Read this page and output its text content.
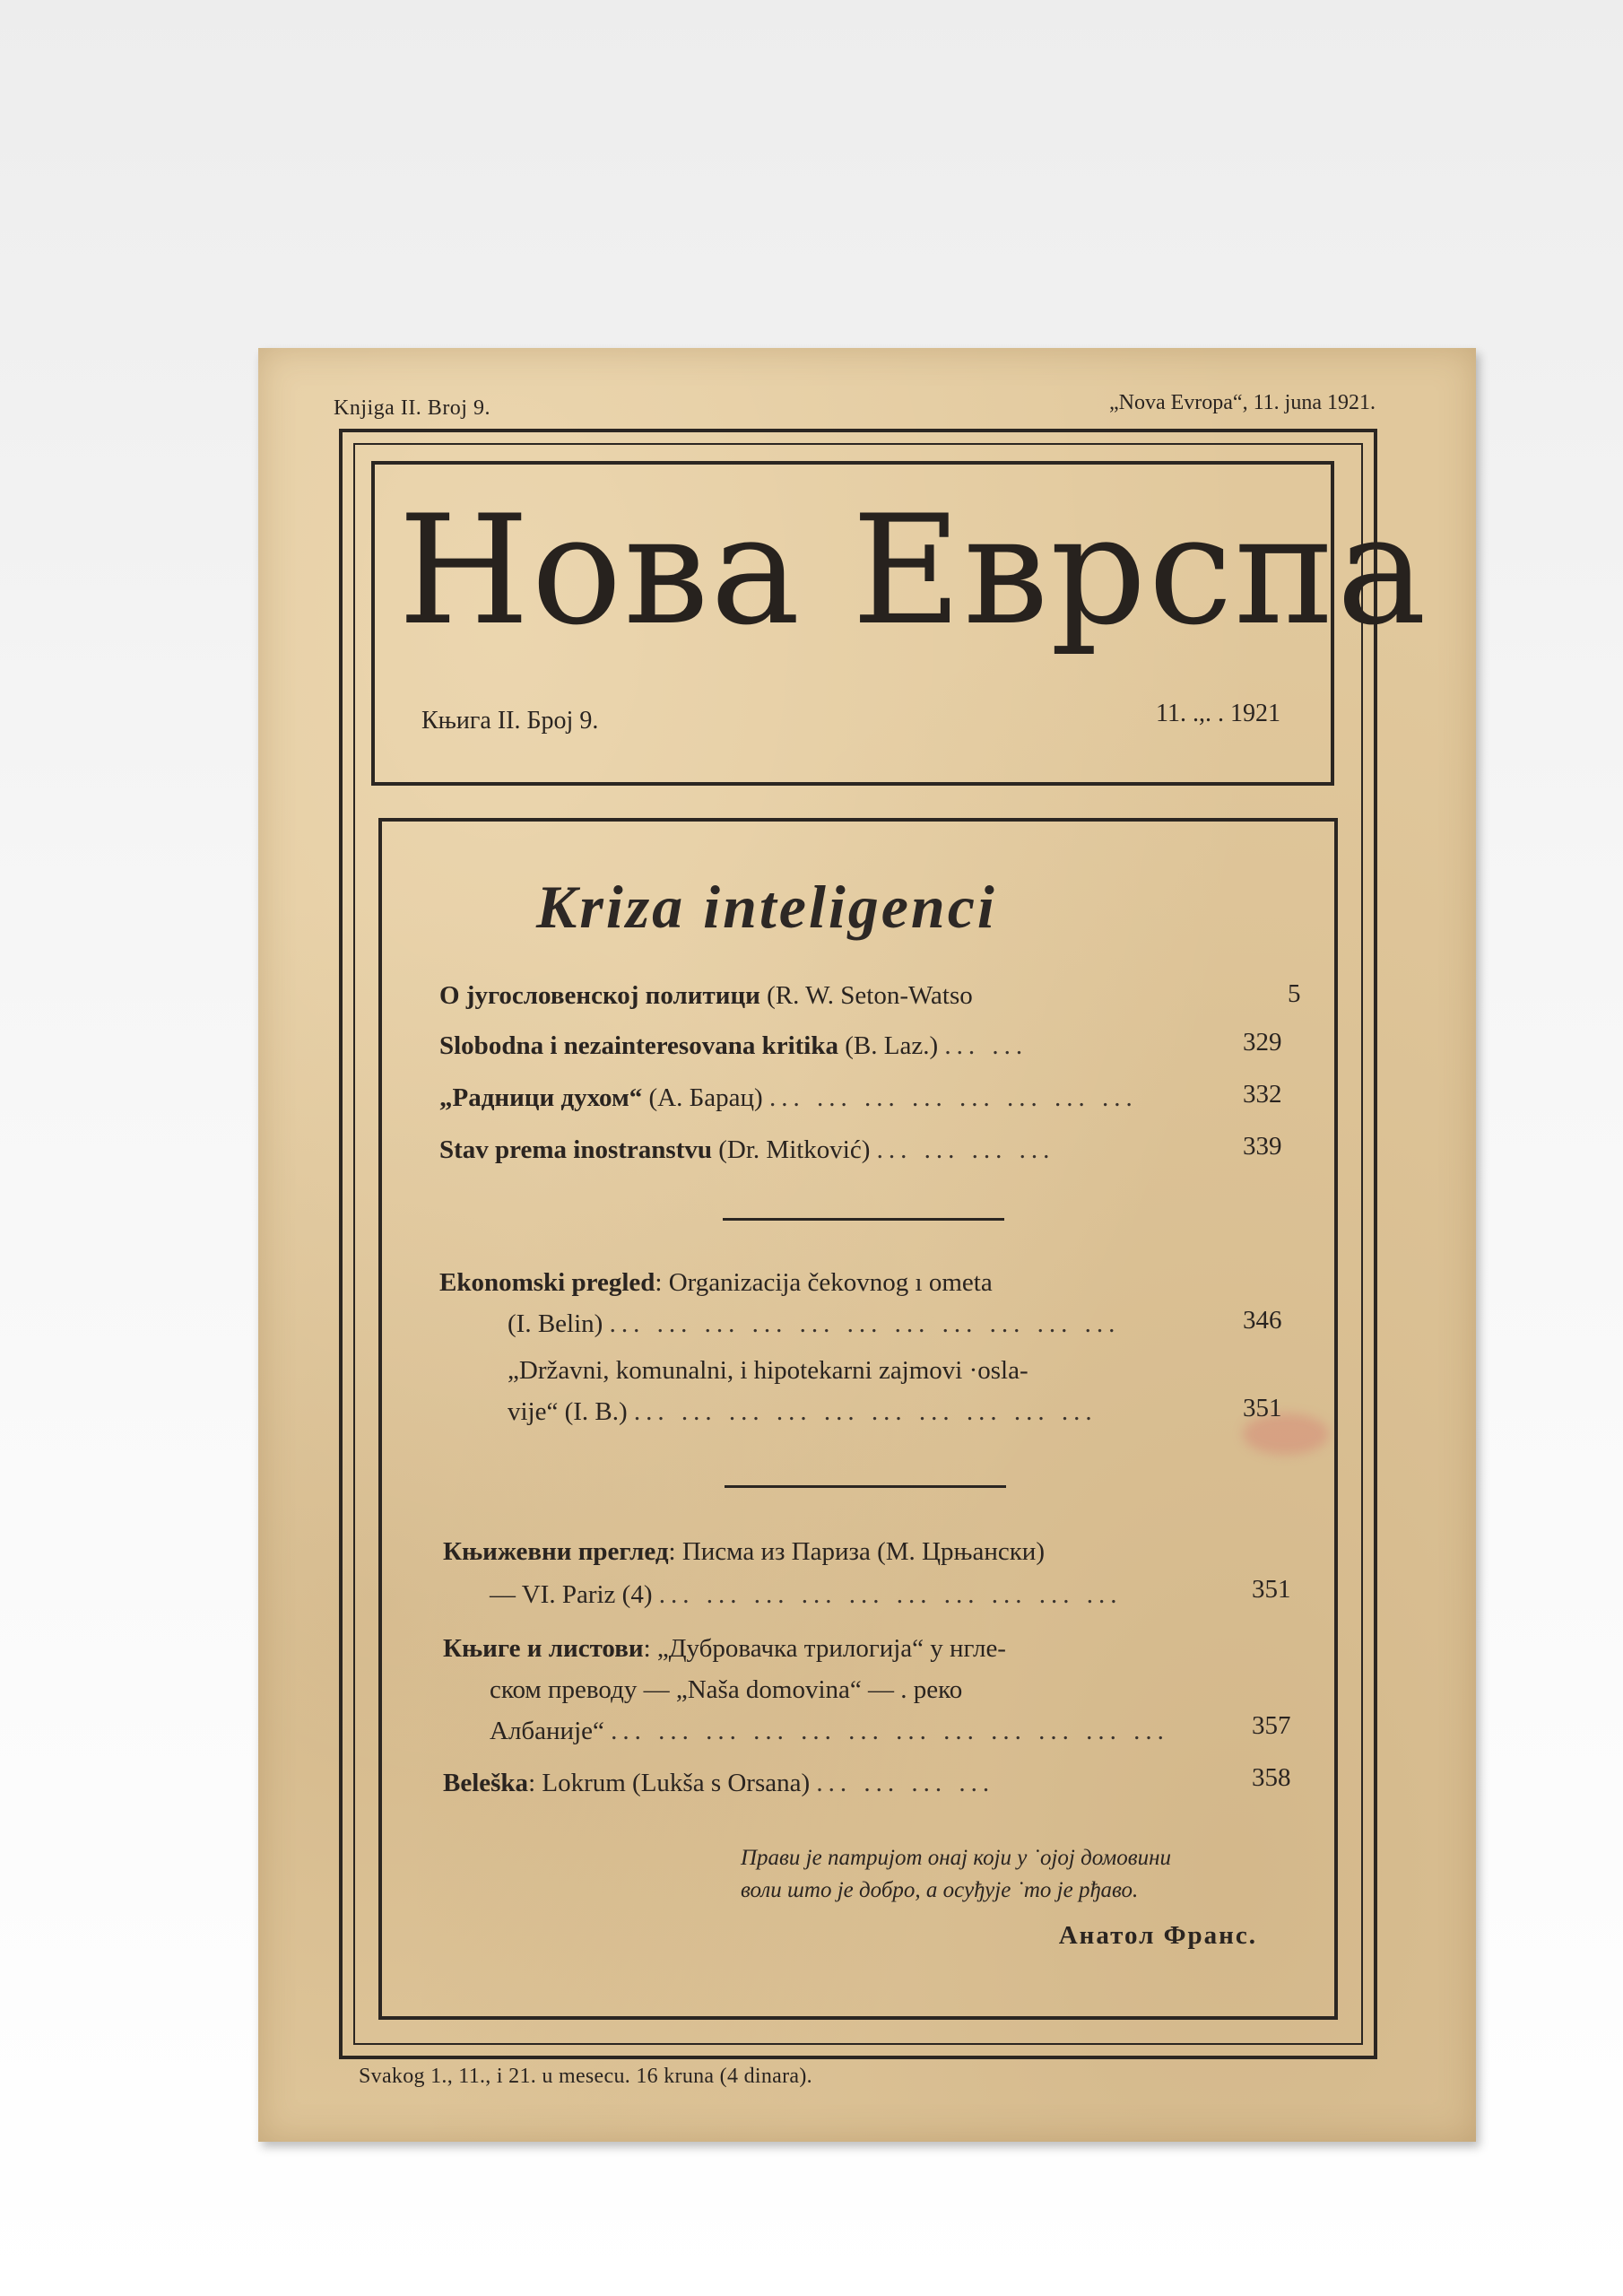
Knjiga II. Broj 9.	„Nova Evropa“, 11. juna 1921.
Нова Еврспа
Књига II. Број 9.	11. .,. . 1921
Kriza inteligenci
О југословенској политици (R. W. Seton-Watso	5
Slobodna i nezainteresovana kritika (B. Laz.) ... ...	329
„Радници духом“ (А. Барац) ... ... ... ... ... ... ... ...	332
Stav prema inostranstvu (Dr. Mitković) ... ... ... ...	339
Ekonomski pregled: Organizacija čekovnog ı ometa
(I. Belin) ... ... ... ... ... ... ... ... ... ... ...	346
„Državni, komunalni, i hipotekarni zajmovi ·osla-
vije“ (I. B.) ... ... ... ... ... ... ... ... ... ...	351
Књижевни преглед: Писма из Париза (М. Црњански)
— VI. Pariz (4) ... ... ... ... ... ... ... ... ... ...	351
Књиге и листови: „Дубровачка трилогија“ у нгле-
ском преводу — „Naša domovina“ — . реко
Албаније“ ... ... ... ... ... ... ... ... ... ... ... ...	357
Beleška: Lokrum (Lukša s Orsana) ... ... ... ...	358
Прави је патријот онај који у ˙ојој домовини
воли што је добро, а осуђује ˙то је рђаво.
Анатол Франс.
Svakog 1., 11., i 21. u mesecu. 16 kruna (4 dinara).
